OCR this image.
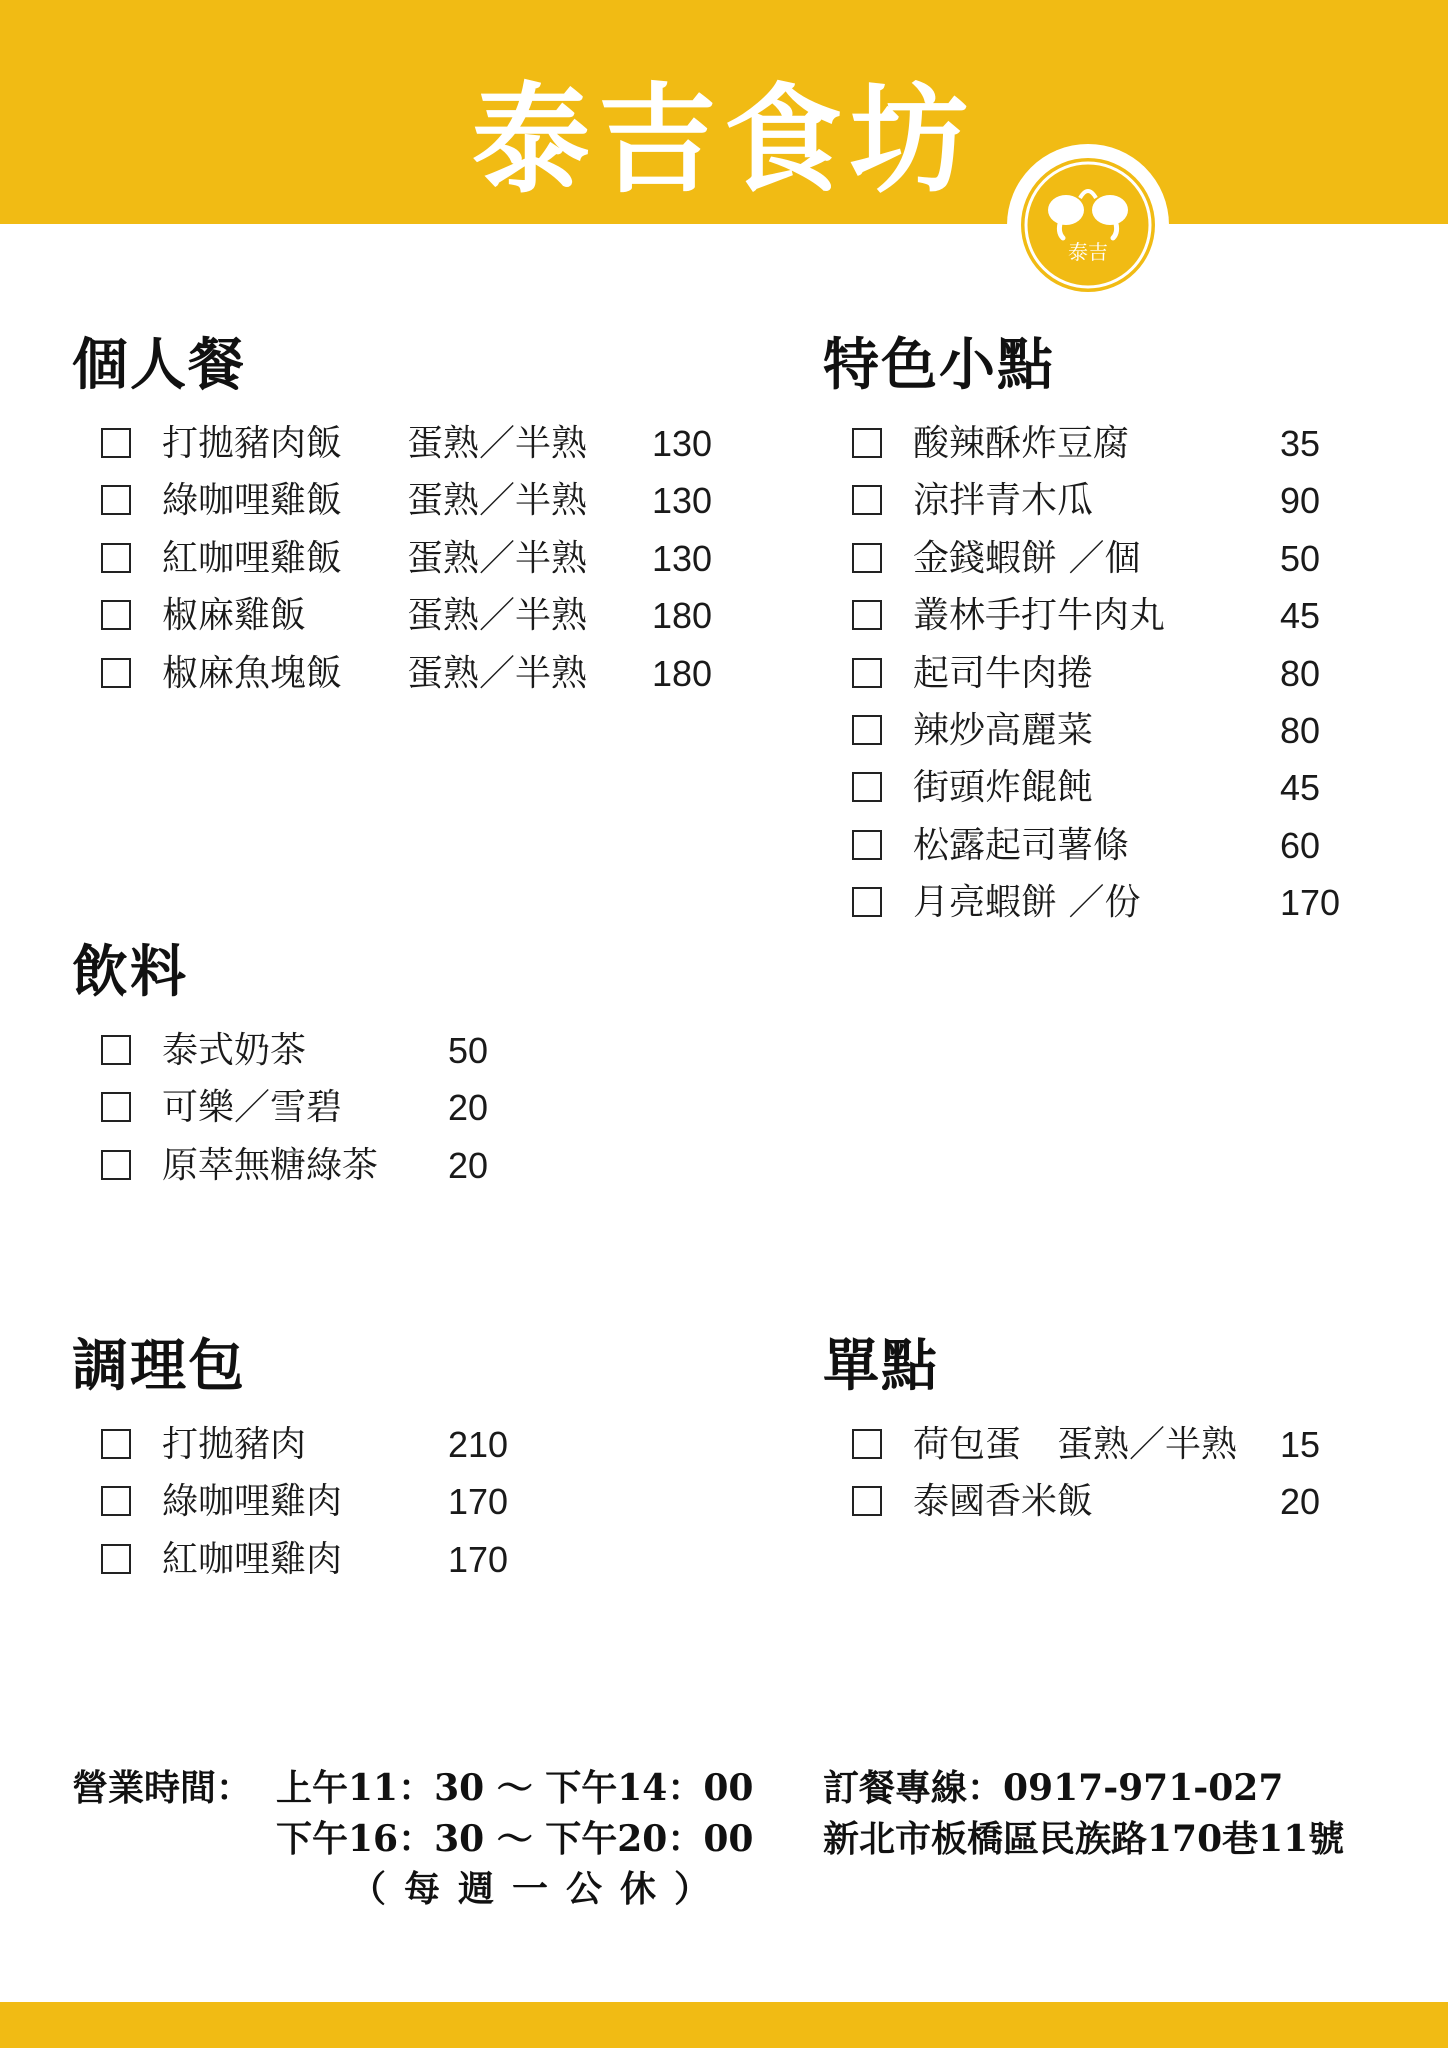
泰吉食坊
泰吉
個人餐
打拋豬肉飯 蛋熟／半熟 130
綠咖哩雞飯 蛋熟／半熟 130
紅咖哩雞飯 蛋熟／半熟 130
椒麻雞飯	蛋熟／半熟 180
椒麻魚塊飯 蛋熟／半熟 180
特色小點
酸辣酥炸豆腐	35
涼拌青木瓜	90
金錢蝦餅 ／個	50
叢林手打牛肉丸	45
起司牛肉捲	80
辣炒高麗菜	80
街頭炸餛飩	45
松露起司薯條	60
月亮蝦餅 ／份	170
飲料
泰式奶茶	50
可樂／雪碧	20
原萃無糖綠茶 20
調理包
打拋豬肉	210
綠咖哩雞肉	170
紅咖哩雞肉	170
單點
荷包蛋 蛋熟／半熟 15
泰國香米飯	20
營業時間： 上午11：30 ～ 下午14：00
下午16：30 ～ 下午20：00
（每週一公休）
訂餐專線：0917-971-027
新北市板橋區民族路170巷11號
